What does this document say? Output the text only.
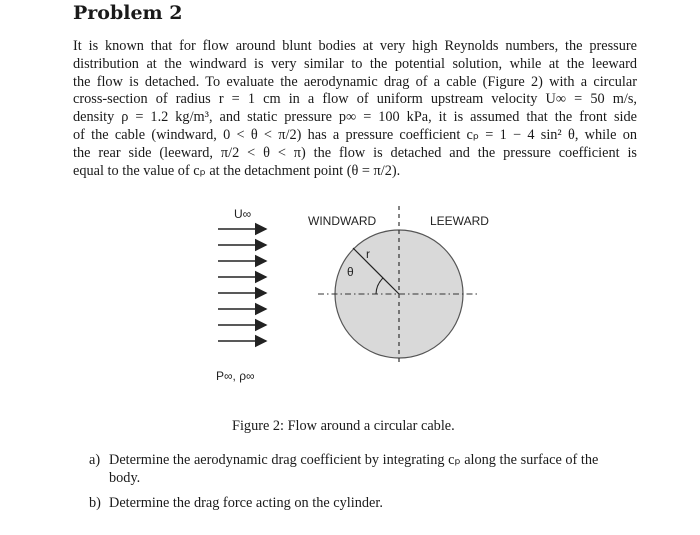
Problem 2
It is known that for flow around blunt bodies at very high Reynolds numbers, the pressure
distribution at the windward is very similar to the potential solution, while at the leeward
the flow is detached. To evaluate the aerodynamic drag of a cable (Figure 2) with a circular
cross-section of radius r = 1 cm in a flow of uniform upstream velocity U∞ = 50 m/s,
density ρ = 1.2 kg/m³, and static pressure p∞ = 100 kPa, it is assumed that the front side
of the cable (windward, 0 < θ < π/2) has a pressure coefficient cₚ = 1 − 4 sin² θ, while on
the rear side (leeward, π/2 < θ < π) the flow is detached and the pressure coefficient is
equal to the value of cₚ at the detachment point (θ = π/2).
U∞
P∞, ρ∞
WINDWARD	LEEWARD
r
θ
Figure 2: Flow around a circular cable.
a) Determine the aerodynamic drag coefficient by integrating cₚ along the surface of the
body.
b) Determine the drag force acting on the cylinder.
